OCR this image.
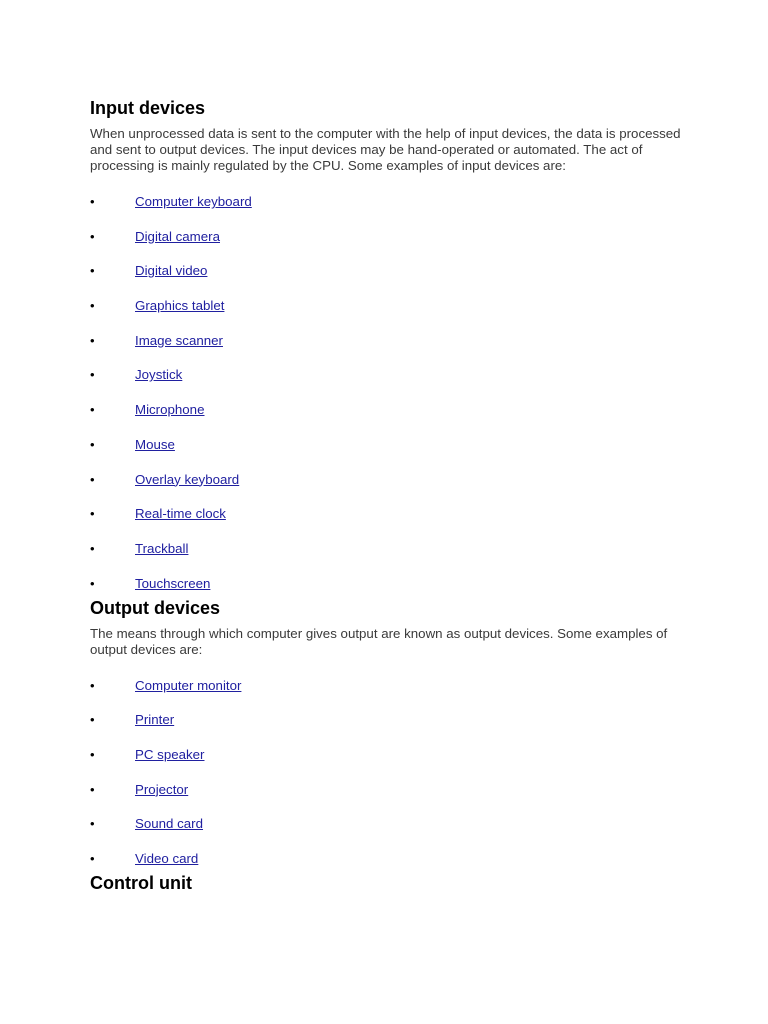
Input devices

When unprocessed data is sent to the computer with the help of input devices, the data is processed and sent to output devices. The input devices may be hand-operated or automated. The act of processing is mainly regulated by the CPU. Some examples of input devices are:

•	Computer keyboard
•	Digital camera
•	Digital video
•	Graphics tablet
•	Image scanner
•	Joystick
•	Microphone
•	Mouse
•	Overlay keyboard
•	Real-time clock
•	Trackball
•	Touchscreen
Output devices

The means through which computer gives output are known as output devices. Some examples of output devices are:

•	Computer monitor
•	Printer
•	PC speaker
•	Projector
•	Sound card
•	Video card
Control unit
